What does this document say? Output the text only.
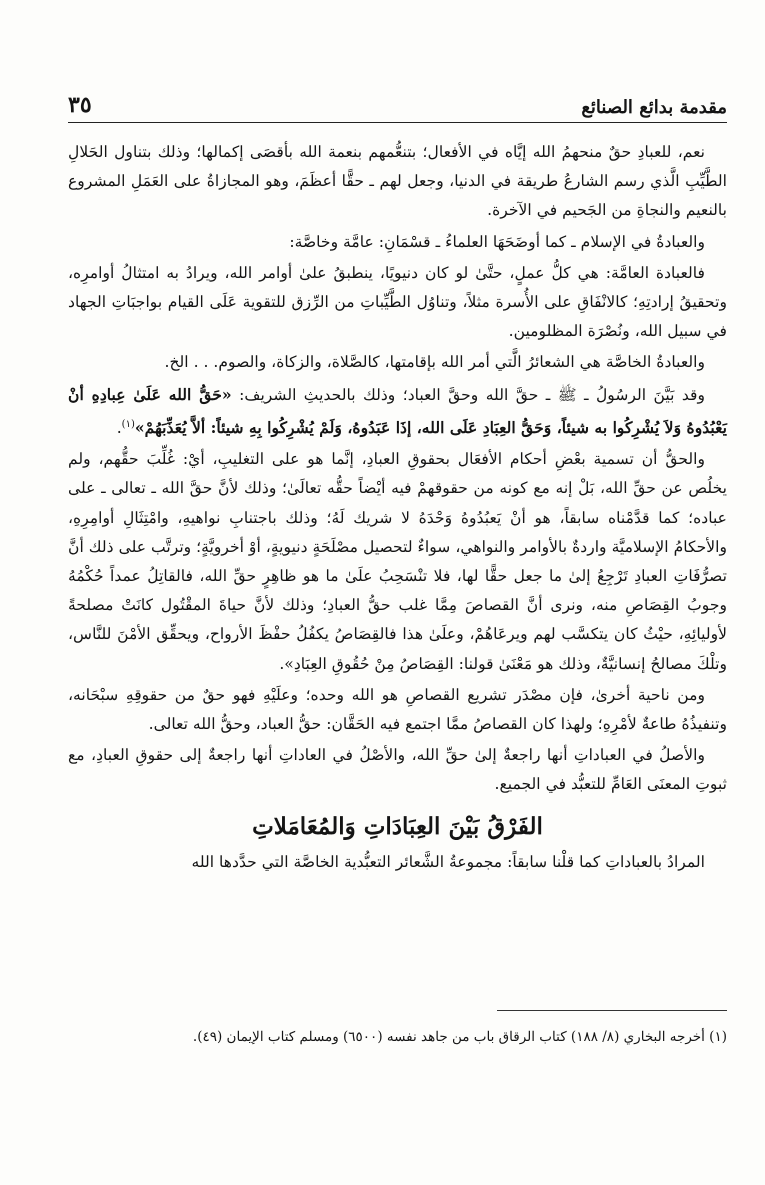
مقدمة بدائع الصنائع
٣٥

نعم، للعبادِ حقٌ منحهمُ الله إيَّاه في الأفعال؛ بتنعُّمهم بنعمة الله بأقصَى إكمالها؛ وذلك بتناول الحَلالِ الطَّيِّبِ الَّذي رسم الشارعُ طريقة في الدنيا، وجعل لهم ـ حقًّا أعظَمَ، وهو المجازاةُ على العَمَلِ المشروع بالنعيم والنجاةِ من الجَحيم في الآخرة.

والعبادةُ في الإسلام ـ كما أوضَحَهَا العلماءُ ـ قسْمَانِ: عامَّة وخاصَّة:

فالعبادة العامَّة: هي كلُّ عملٍ، حتَّىٰ لو كان دنيويًا، ينطبقُ علىٰ أوامر الله، ويرادُ به امتثالُ أوامرِه، وتحقيقُ إرادتِهِ؛ كالانْفَاقِ على الأُسرة مثلاً، وتناوُل الطَّيِّباتِ من الرِّزق للتقوية عَلَى القيام بواجبَاتِ الجهاد في سبيل الله، ونُصْرَة المظلومين.

والعبادةُ الخاصَّة هي الشعائرُ الَّتي أمر الله بإقامتها، كالصَّلاة، والزكاة، والصوم. . . الخ.

وقد بَيَّنَ الرسُولُ ـ ﷺ ـ حقَّ الله وحقَّ العباد؛ وذلك بالحديثِ الشريف: «حَقُّ الله عَلَىٰ عِبادِهِ أنْ يَعْبُدُوهُ وَلاَ يُشْرِكُوا به شيئاً، وَحَقُّ العِبَادِ عَلَى الله، إذَا عَبَدُوهُ، وَلَمْ يُشْرِكُوا بِهِ شيئاً: ألاَّ يُعَذِّبَهُمْ»$^{(١)}$.

والحقُّ أن تسمية بعْضِ أحكام الأفعَال بحقوقِ العبادِ، إنَّما هو على التغليبِ، أيْ: غُلِّبَ حقُّهم، ولم يخلُص عن حقِّ الله، بَلْ إنه مع كونه من حقوقهمْ فيه أيْضاً حقُّه تعالَىٰ؛ وذلك لأنَّ حقَّ الله ـ تعالى ـ على عباده؛ كما قدَّمْناه سابقاً، هو أنْ يَعبُدُوهُ وَحْدَهُ لا شريك لَهُ؛ وذلك باجتنابِ نواهيهِ، وامْتِثَالِ أوامِرِهِ، والأحكامُ الإسلاميَّة واردةٌ بالأوامر والنواهي، سواءٌ لتحصيل مصْلَحَةٍ دنيويةٍ، أوْ أخرويَّةٍ؛ وترتَّب على ذلك أنَّ تصرُّفَاتِ العبادِ تَرْجِعُ إلىٰ ما جعل حقًّا لها، فلا تنْسَحِبُ علَىٰ ما هو ظاهِرٍ حقِّ الله، فالقاتِلُ عمداً حُكْمُهُ وجوبُ القِصَاصِ منه، ونرى أنَّ القصاصَ مِمَّا غلب حقُّ العبادِ؛ وذلك لأنَّ حياةَ المقْتُول كانَتْ مصلحةً لأوليائِهِ، حيْثُ كان يتكسَّب لهم ويرعَاهُمْ، وعلَىٰ هذا فالقِصَاصُ يكفُلُ حفْظَ الأرواح، ويحقِّق الأمْنَ للنَّاس، وتلْكَ مصالحُ إنسانيَّةٌ، وذلك هو مَعْنَىٰ قولنا: القِصَاصُ مِنْ حُقُوقِ العِبَادِ».

ومن ناحية أخرىٰ، فإن مصْدَر تشريع القصاصِ هو الله وحده؛ وعلَيْهِ فهو حقٌ من حقوقِهِ سبْحَانه، وتنفيذُهُ طاعةٌ لأمْرِهِ؛ ولهذا كان القصاصُ ممَّا اجتمع فيه الحَقَّان: حقُّ العباد، وحقُّ الله تعالى.

والأصلُ في العباداتِ أنها راجعةٌ إلىٰ حقِّ الله، والأصْلُ في العاداتِ أنها راجعةٌ إلى حقوقِ العبادِ، مع ثبوتِ المعنَى العَامِّ للتعبُّد في الجميع.

الفَرْقُ بَيْنَ العِبَادَاتِ وَالمُعَامَلاتِ

المرادُ بالعباداتِ كما قلْنا سابقاً: مجموعةُ الشَّعائر التعبُّدية الخاصَّة التي حدَّدها الله

(١) أخرجه البخاري (٨/ ١٨٨) كتاب الرقاق باب من جاهد نفسه (٦٥٠٠) ومسلم كتاب الإيمان (٤٩).
